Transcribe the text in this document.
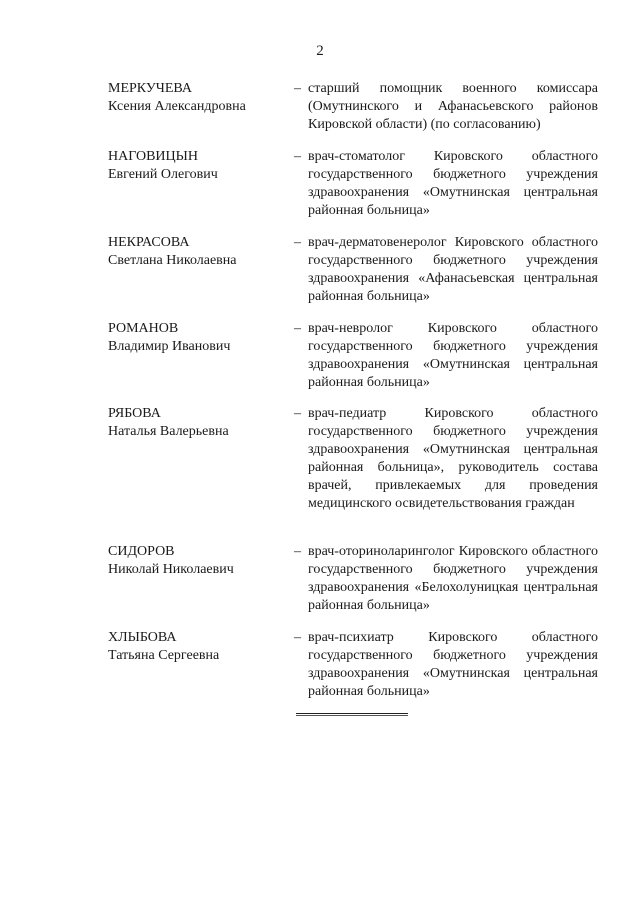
2
МЕРКУЧЕВА
Ксения Александровна
– старший помощник военного комиссара (Омутнинского и Афанасьевского районов Кировской области) (по согласованию)
НАГОВИЦЫН
Евгений Олегович
– врач-стоматолог Кировского областного государственного бюджетного учреждения здравоохранения «Омутнинская центральная районная больница»
НЕКРАСОВА
Светлана Николаевна
– врач-дерматовенеролог Кировского областного государственного бюджетного учреждения здравоохранения «Афанасьевская центральная районная больница»
РОМАНОВ
Владимир Иванович
– врач-невролог Кировского областного государственного бюджетного учреждения здравоохранения «Омутнинская центральная районная больница»
РЯБОВА
Наталья Валерьевна
– врач-педиатр Кировского областного государственного бюджетного учреждения здравоохранения «Омутнинская центральная районная больница», руководитель состава врачей, привлекаемых для проведения медицинского освидетельствования граждан
СИДОРОВ
Николай Николаевич
– врач-оториноларинголог Кировского областного государственного бюджетного учреждения здравоохранения «Белохолуницкая центральная районная больница»
ХЛЫБОВА
Татьяна Сергеевна
– врач-психиатр Кировского областного государственного бюджетного учреждения здравоохранения «Омутнинская центральная районная больница»
